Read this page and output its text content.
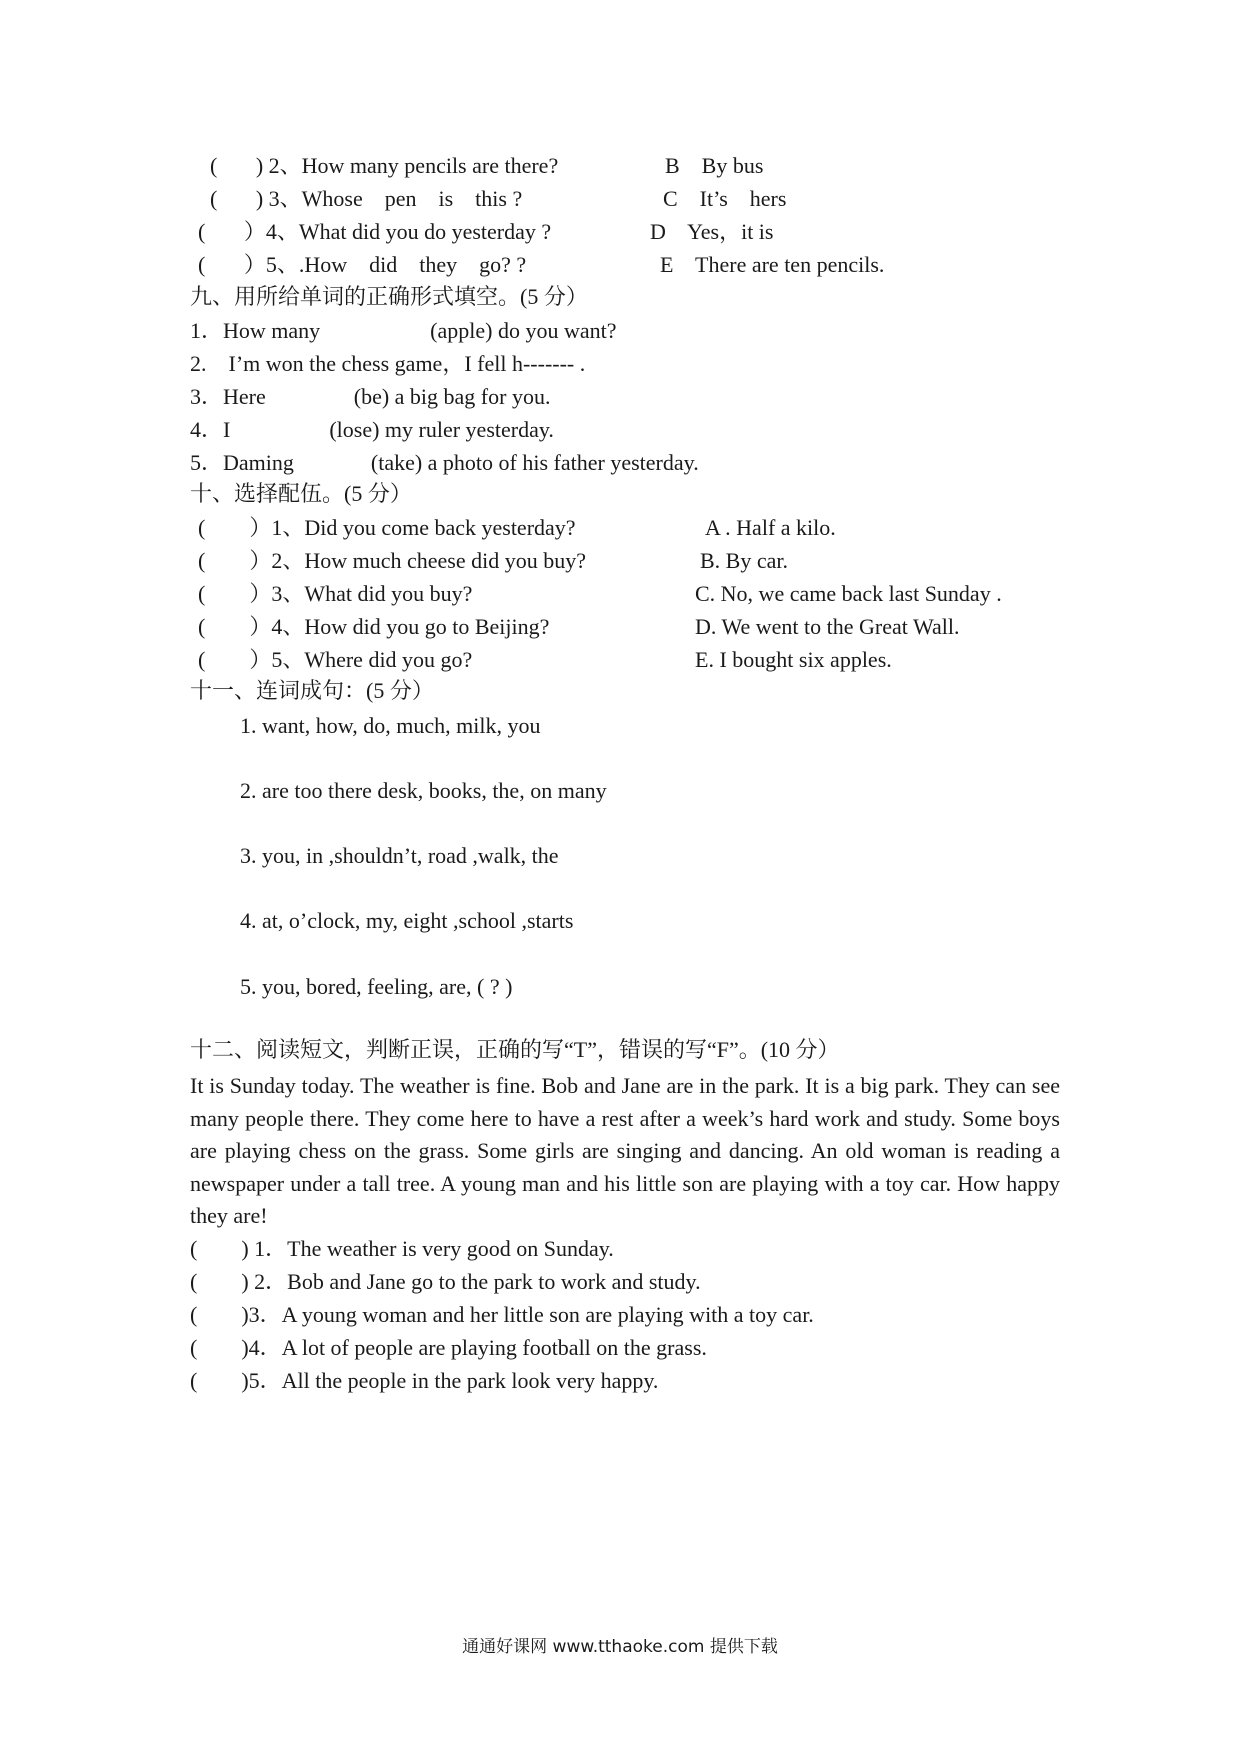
(       ) 2、How many pencils are there?	B    By bus
(       ) 3、Whose    pen    is    this ?	C    It’s    hers
(       ）4、What did you do yesterday ?	D    Yes，it is
(       ）5、.How    did    they    go? ?	E    There are ten pencils.
九、用所给单词的正确形式填空。(5 分）
1．How many                    (apple) do you want?
2.    I’m won the chess game，I fell h------- .
3．Here                (be) a big bag for you.
4．I                  (lose) my ruler yesterday.
5．Daming              (take) a photo of his father yesterday.
十、选择配伍。(5 分）
(        ）1、Did you come back yesterday?	A . Half a kilo.
(        ）2、How much cheese did you buy?	B. By car.
(        ）3、What did you buy?	C. No, we came back last Sunday .
(        ）4、How did you go to Beijing?	D. We went to the Great Wall.
(        ）5、Where did you go?	E. I bought six apples.
十一、连词成句：(5 分）
1. want, how, do, much, milk, you
2. are too there desk, books, the, on many
3. you, in ,shouldn’t, road ,walk, the
4. at, o’clock, my, eight ,school ,starts
5. you, bored, feeling, are, ( ? )
十二、阅读短文，判断正误，正确的写“T”，错误的写“F”。(10 分）
It is Sunday today. The weather is fine. Bob and Jane are in the park. It is a big park. They can see many people there. They come here to have a rest after a week’s hard work and study. Some boys are playing chess on the grass. Some girls are singing and dancing. An old woman is reading a newspaper under a tall tree. A young man and his little son are playing with a toy car. How happy they are!
(        ) 1．The weather is very good on Sunday.
(        ) 2．Bob and Jane go to the park to work and study.
(        )3．A young woman and her little son are playing with a toy car.
(        )4．A lot of people are playing football on the grass.
(        )5．All the people in the park look very happy.
通通好课网 www.tthaoke.com 提供下载
